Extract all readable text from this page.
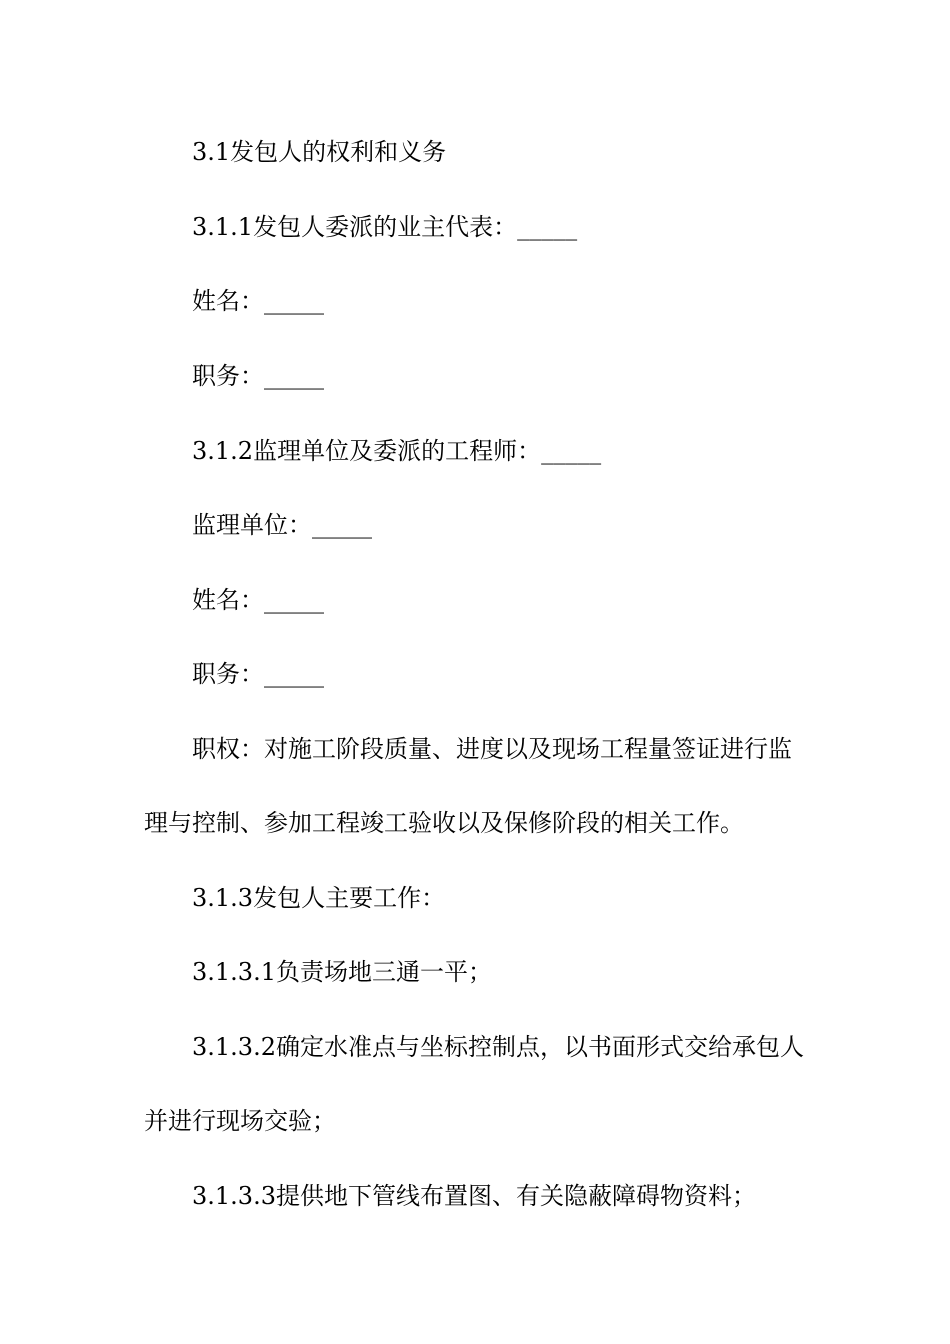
3.1发包人的权利和义务

3.1.1发包人委派的业主代表：_____

姓名：_____

职务：_____

3.1.2监理单位及委派的工程师：_____

监理单位：_____

姓名：_____

职务：_____

职权：对施工阶段质量、进度以及现场工程量签证进行监理与控制、参加工程竣工验收以及保修阶段的相关工作。

3.1.3发包人主要工作：

3.1.3.1负责场地三通一平；

3.1.3.2确定水准点与坐标控制点，以书面形式交给承包人并进行现场交验；

3.1.3.3提供地下管线布置图、有关隐蔽障碍物资料；
